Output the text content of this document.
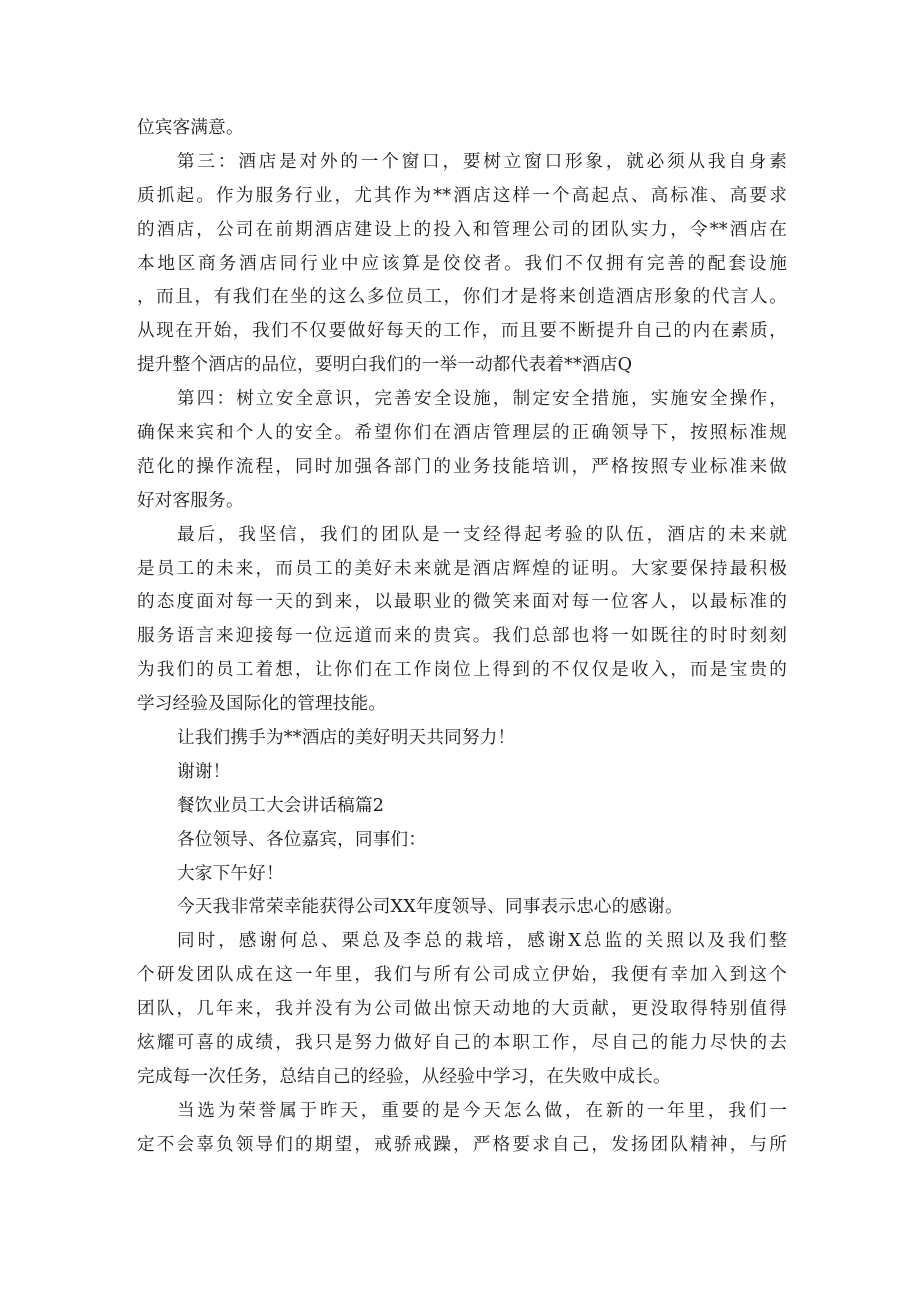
位宾客满意。
第三：酒店是对外的一个窗口，要树立窗口形象，就必须从我自身素
质抓起。作为服务行业，尤其作为**酒店这样一个高起点、高标准、高要求
的酒店，公司在前期酒店建设上的投入和管理公司的团队实力，令**酒店在
本地区商务酒店同行业中应该算是佼佼者。我们不仅拥有完善的配套设施
，而且，有我们在坐的这么多位员工，你们才是将来创造酒店形象的代言人。
从现在开始，我们不仅要做好每天的工作，而且要不断提升自己的内在素质，
提升整个酒店的品位，要明白我们的一举一动都代表着**酒店Q
第四：树立安全意识，完善安全设施，制定安全措施，实施安全操作，
确保来宾和个人的安全。希望你们在酒店管理层的正确领导下，按照标准规
范化的操作流程，同时加强各部门的业务技能培训，严格按照专业标准来做
好对客服务。
最后，我坚信，我们的团队是一支经得起考验的队伍，酒店的未来就
是员工的未来，而员工的美好未来就是酒店辉煌的证明。大家要保持最积极
的态度面对每一天的到来，以最职业的微笑来面对每一位客人，以最标准的
服务语言来迎接每一位远道而来的贵宾。我们总部也将一如既往的时时刻刻
为我们的员工着想，让你们在工作岗位上得到的不仅仅是收入，而是宝贵的
学习经验及国际化的管理技能。
让我们携手为**酒店的美好明天共同努力！
谢谢！
餐饮业员工大会讲话稿篇2
各位领导、各位嘉宾，同事们：
大家下午好！
今天我非常荣幸能获得公司XX年度领导、同事表示忠心的感谢。
同时，感谢何总、栗总及李总的栽培，感谢X总监的关照以及我们整
个研发团队成在这一年里，我们与所有公司成立伊始，我便有幸加入到这个
团队，几年来，我并没有为公司做出惊天动地的大贡献，更没取得特别值得
炫耀可喜的成绩，我只是努力做好自己的本职工作，尽自己的能力尽快的去
完成每一次任务，总结自己的经验，从经验中学习，在失败中成长。
当选为荣誉属于昨天，重要的是今天怎么做，在新的一年里，我们一
定不会辜负领导们的期望，戒骄戒躁，严格要求自己，发扬团队精神，与所
